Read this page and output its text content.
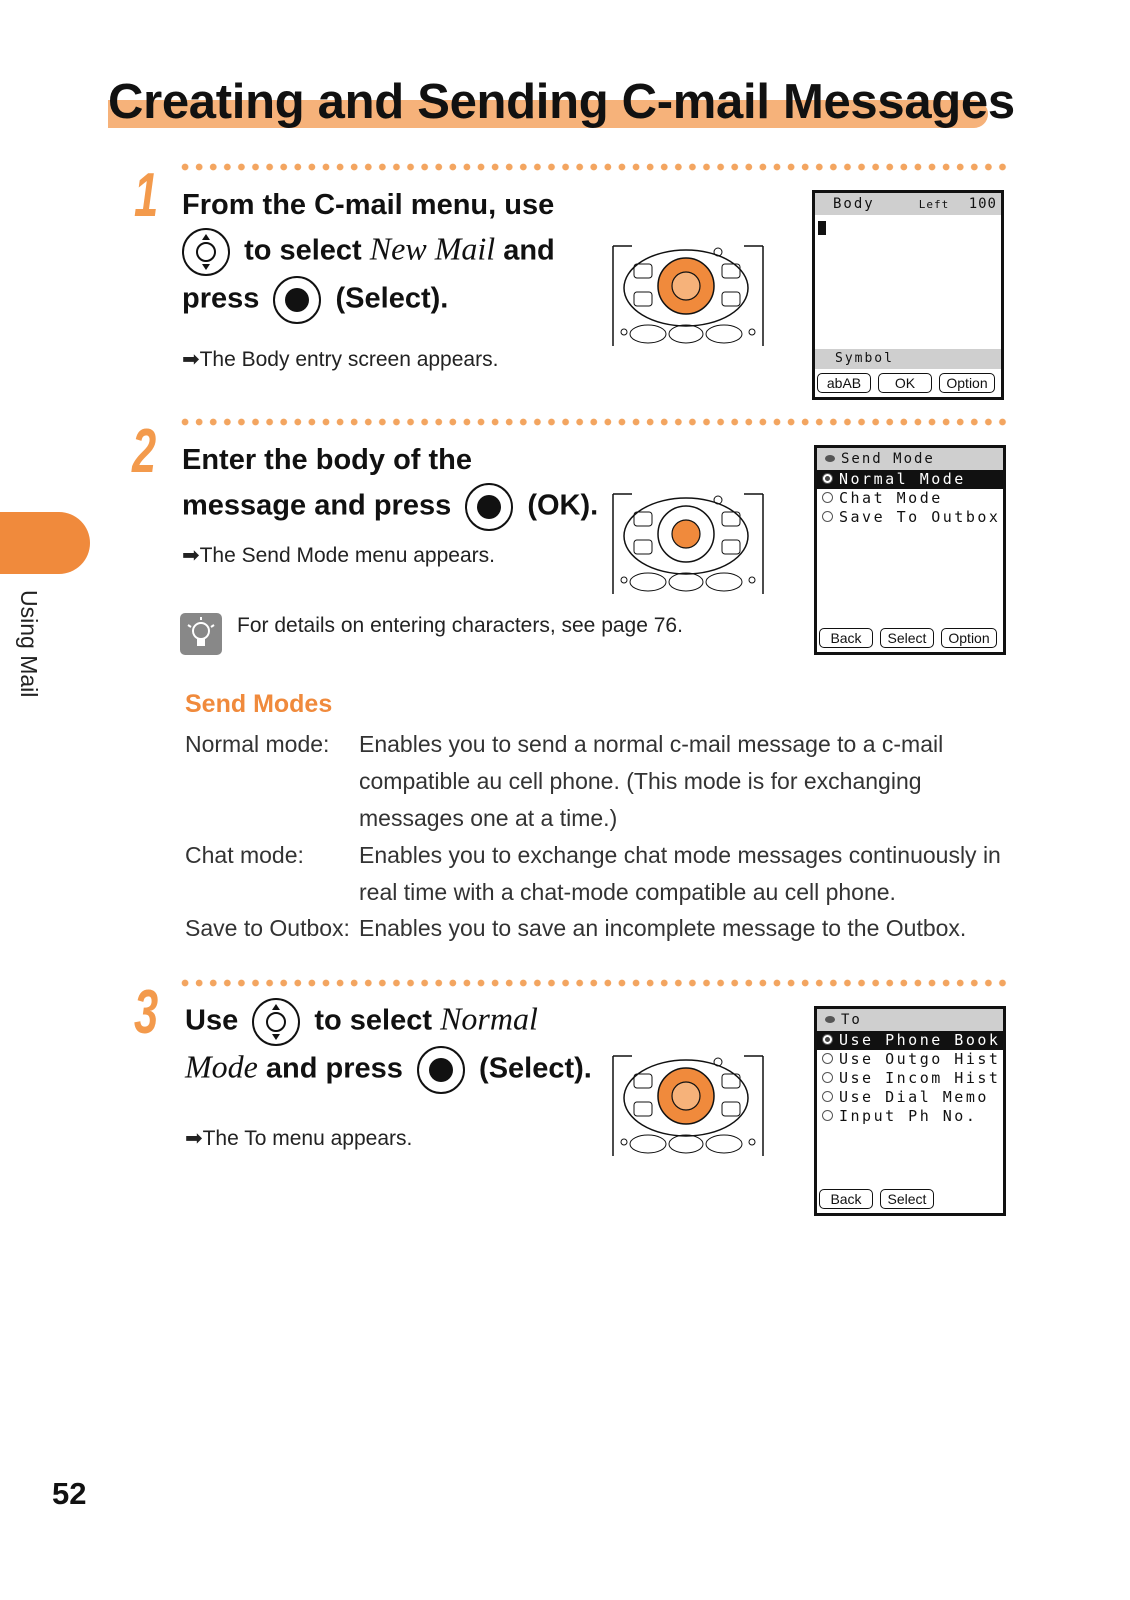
Creating and Sending C-mail Messages
Using Mail
1 From the C-mail menu, use
to select New Mail and
press	(Select).
➡The Body entry screen appears.
Body	Left 100
Symbol
abAB	OK	Option
2 Enter the body of the
message and press	(OK).
➡The Send Mode menu appears.
Send Mode
Normal Mode
Chat Mode
Save To Outbox
Back	Select	Option
For details on entering characters, see page 76.
Send Modes
Normal mode: Enables you to send a normal c-mail message to a c-mail compatible au cell phone. (This mode is for exchanging messages one at a time.)
Chat mode: Enables you to exchange chat mode messages continuously in real time with a chat-mode compatible au cell phone.
Save to Outbox: Enables you to save an incomplete message to the Outbox.
3 Use	to select Normal
Mode and press	(Select).
➡The To menu appears.
To
Use Phone Book
Use Outgo Hist
Use Incom Hist
Use Dial Memo
Input Ph No.
Back	Select
52
